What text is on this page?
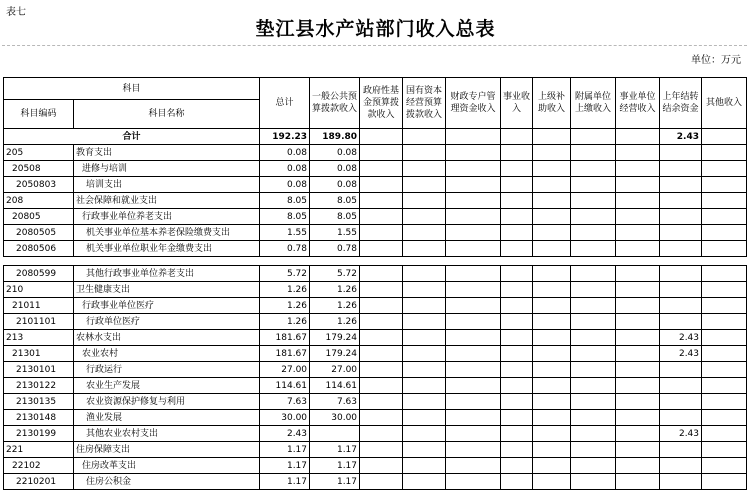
表七
垫江县水产站部门收入总表
单位：万元
科目		总计	一般公共预算拨款收入	政府性基金预算拨款收入	国有资本经营预算拨款收入	财政专户管理资金收入	事业收入	上级补助收入	附属单位上缴收入	事业单位经营收入	上年结转结余资金	其他收入
科目编码	科目名称											
合计		192.23	189.80								2.43	
205	教育支出	0.08	0.08									
20508	进修与培训	0.08	0.08									
2050803	培训支出	0.08	0.08									
208	社会保障和就业支出	8.05	8.05									
20805	行政事业单位养老支出	8.05	8.05									
2080505	机关事业单位基本养老保险缴费支出	1.55	1.55									
2080506	机关事业单位职业年金缴费支出	0.78	0.78									

2080599	其他行政事业单位养老支出	5.72	5.72									
210	卫生健康支出	1.26	1.26									
21011	行政事业单位医疗	1.26	1.26									
2101101	行政单位医疗	1.26	1.26									
213	农林水支出	181.67	179.24								2.43	
21301	农业农村	181.67	179.24								2.43	
2130101	行政运行	27.00	27.00									
2130122	农业生产发展	114.61	114.61									
2130135	农业资源保护修复与利用	7.63	7.63									
2130148	渔业发展	30.00	30.00									
2130199	其他农业农村支出	2.43									2.43	
221	住房保障支出	1.17	1.17									
22102	住房改革支出	1.17	1.17									
2210201	住房公积金	1.17	1.17									
